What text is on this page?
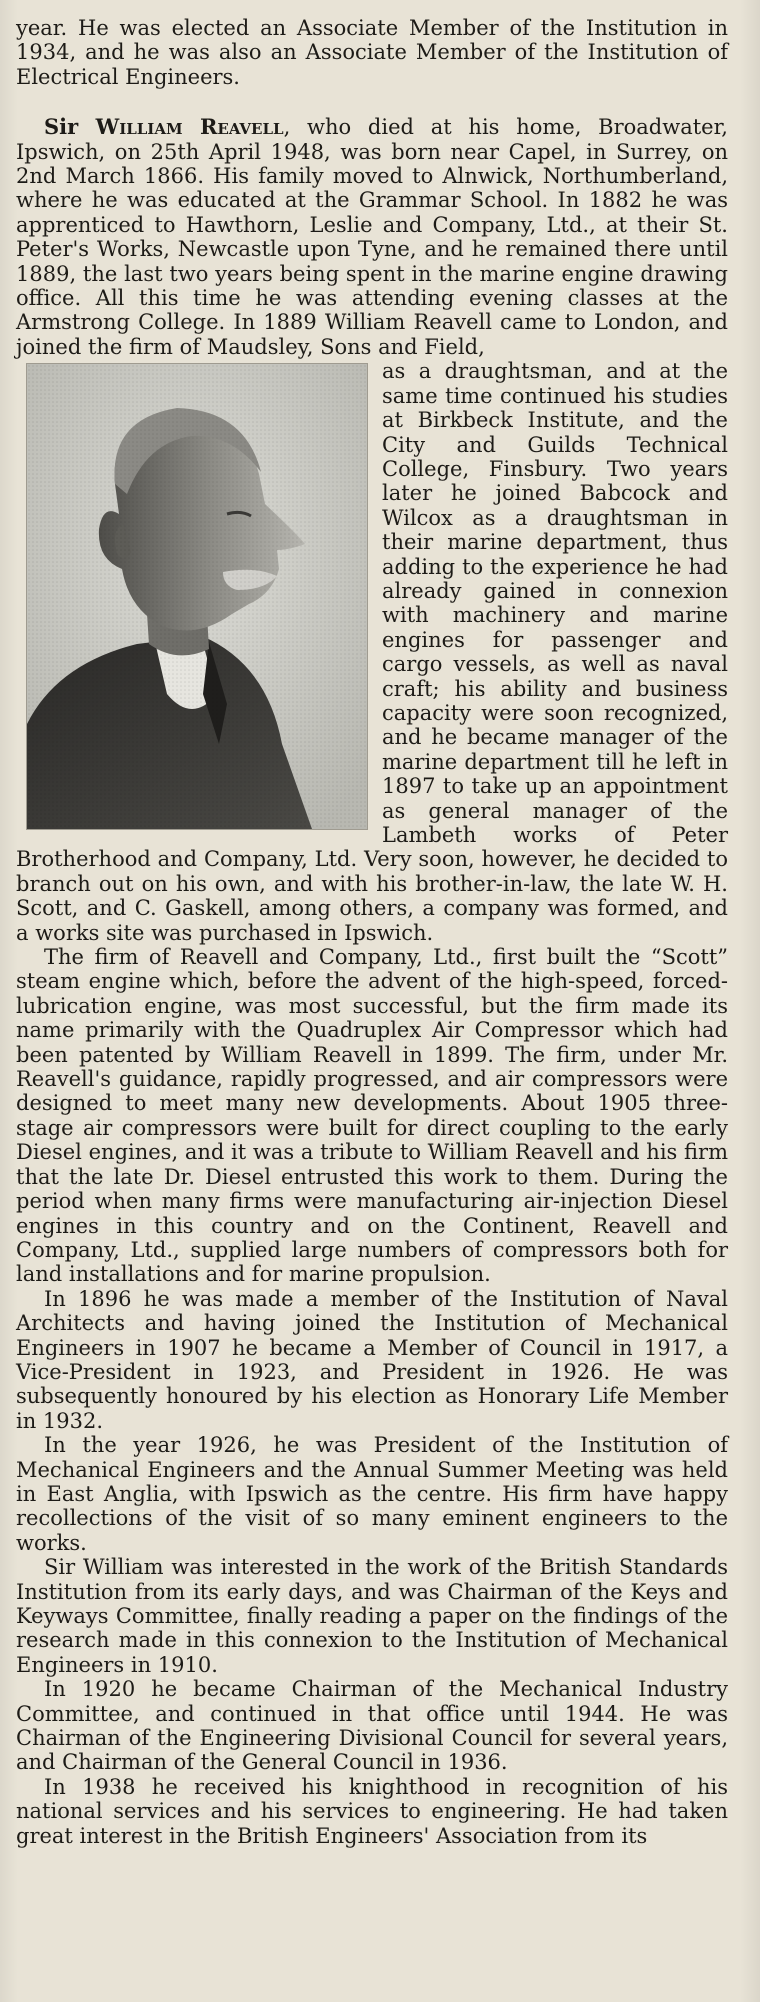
year. He was elected an Associate Member of the Institution in 1934, and he was also an Associate Member of the Institution of Electrical Engineers.

Sir William Reavell, who died at his home, Broadwater, Ipswich, on 25th April 1948, was born near Capel, in Surrey, on 2nd March 1866. His family moved to Alnwick, Northumberland, where he was educated at the Grammar School. In 1882 he was apprenticed to Hawthorn, Leslie and Company, Ltd., at their St. Peter's Works, Newcastle upon Tyne, and he remained there until 1889, the last two years being spent in the marine engine drawing office. All this time he was attending evening classes at the Armstrong College. In 1889 William Reavell came to London, and joined the firm of Maudsley, Sons and Field,

as a draughtsman, and at the same time continued his studies at Birkbeck Institute, and the City and Guilds Technical College, Finsbury. Two years later he joined Babcock and Wilcox as a draughtsman in their marine department, thus adding to the experience he had already gained in connexion with machinery and marine engines for passenger and cargo vessels, as well as naval craft; his ability and business capacity were soon recognized, and he became manager of the marine department till he left in 1897 to take up an appointment as general manager of the Lambeth works of Peter Brotherhood and Company, Ltd. Very soon, however, he decided to branch out on his own, and with his brother-in-law, the late W. H. Scott, and C. Gaskell, among others, a company was formed, and a works site was purchased in Ipswich.

The firm of Reavell and Company, Ltd., first built the “Scott” steam engine which, before the advent of the high-speed, forced-lubrication engine, was most successful, but the firm made its name primarily with the Quadruplex Air Compressor which had been patented by William Reavell in 1899. The firm, under Mr. Reavell's guidance, rapidly progressed, and air compressors were designed to meet many new developments. About 1905 three-stage air compressors were built for direct coupling to the early Diesel engines, and it was a tribute to William Reavell and his firm that the late Dr. Diesel entrusted this work to them. During the period when many firms were manufacturing air-injection Diesel engines in this country and on the Continent, Reavell and Company, Ltd., supplied large numbers of compressors both for land installations and for marine propulsion.

In 1896 he was made a member of the Institution of Naval Architects and having joined the Institution of Mechanical Engineers in 1907 he became a Member of Council in 1917, a Vice-President in 1923, and President in 1926. He was subsequently honoured by his election as Honorary Life Member in 1932.

In the year 1926, he was President of the Institution of Mechanical Engineers and the Annual Summer Meeting was held in East Anglia, with Ipswich as the centre. His firm have happy recollections of the visit of so many eminent engineers to the works.

Sir William was interested in the work of the British Standards Institution from its early days, and was Chairman of the Keys and Keyways Committee, finally reading a paper on the findings of the research made in this connexion to the Institution of Mechanical Engineers in 1910.

In 1920 he became Chairman of the Mechanical Industry Committee, and continued in that office until 1944. He was Chairman of the Engineering Divisional Council for several years, and Chairman of the General Council in 1936.

In 1938 he received his knighthood in recognition of his national services and his services to engineering. He had taken great interest in the British Engineers' Association from its
